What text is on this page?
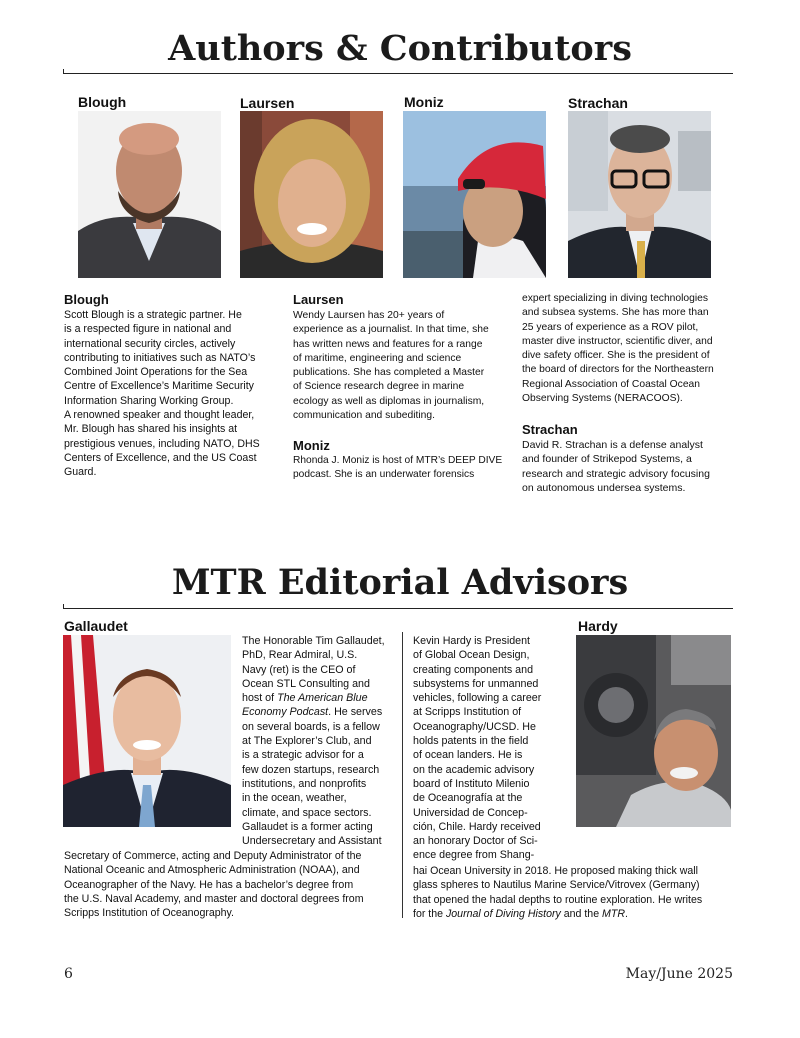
Authors & Contributors
Blough	Laursen	Moniz	Strachan
Blough
Scott Blough is a strategic partner. He
is a respected figure in national and
international security circles, actively
contributing to initiatives such as NATO’s
Combined Joint Operations for the Sea
Centre of Excellence’s Maritime Security
Information Sharing Working Group.
A renowned speaker and thought leader,
Mr. Blough has shared his insights at
prestigious venues, including NATO, DHS
Centers of Excellence, and the US Coast
Guard.
Laursen
Wendy Laursen has 20+ years of
experience as a journalist. In that time, she
has written news and features for a range
of maritime, engineering and science
publications. She has completed a Master
of Science research degree in marine
ecology as well as diplomas in journalism,
communication and subediting.
Moniz
Rhonda J. Moniz is host of MTR’s DEEP DIVE
podcast. She is an underwater forensics
expert specializing in diving technologies
and subsea systems. She has more than
25 years of experience as a ROV pilot,
master dive instructor, scientific diver, and
dive safety officer. She is the president of
the board of directors for the Northeastern
Regional Association of Coastal Ocean
Observing Systems (NERACOOS).
Strachan
David R. Strachan is a defense analyst
and founder of Strikepod Systems, a
research and strategic advisory focusing
on autonomous undersea systems.
MTR Editorial Advisors
Gallaudet	Hardy
The Honorable Tim Gallaudet,
PhD, Rear Admiral, U.S.
Navy (ret) is the CEO of
Ocean STL Consulting and
host of The American Blue
Economy Podcast. He serves
on several boards, is a fellow
at The Explorer’s Club, and
is a strategic advisor for a
few dozen startups, research
institutions, and nonprofits
in the ocean, weather,
climate, and space sectors.
Gallaudet is a former acting
Undersecretary and Assistant
Secretary of Commerce, acting and Deputy Administrator of the
National Oceanic and Atmospheric Administration (NOAA), and
Oceanographer of the Navy. He has a bachelor’s degree from
the U.S. Naval Academy, and master and doctoral degrees from
Scripps Institution of Oceanography.
Kevin Hardy is President
of Global Ocean Design,
creating components and
subsystems for unmanned
vehicles, following a career
at Scripps Institution of
Oceanography/UCSD. He
holds patents in the field
of ocean landers. He is
on the academic advisory
board of Instituto Milenio
de Oceanografía at the
Universidad de Concep-
ción, Chile. Hardy received
an honorary Doctor of Sci-
ence degree from Shang-
hai Ocean University in 2018. He proposed making thick wall
glass spheres to Nautilus Marine Service/Vitrovex (Germany)
that opened the hadal depths to routine exploration. He writes
for the Journal of Diving History and the MTR.
6	May/June 2025
